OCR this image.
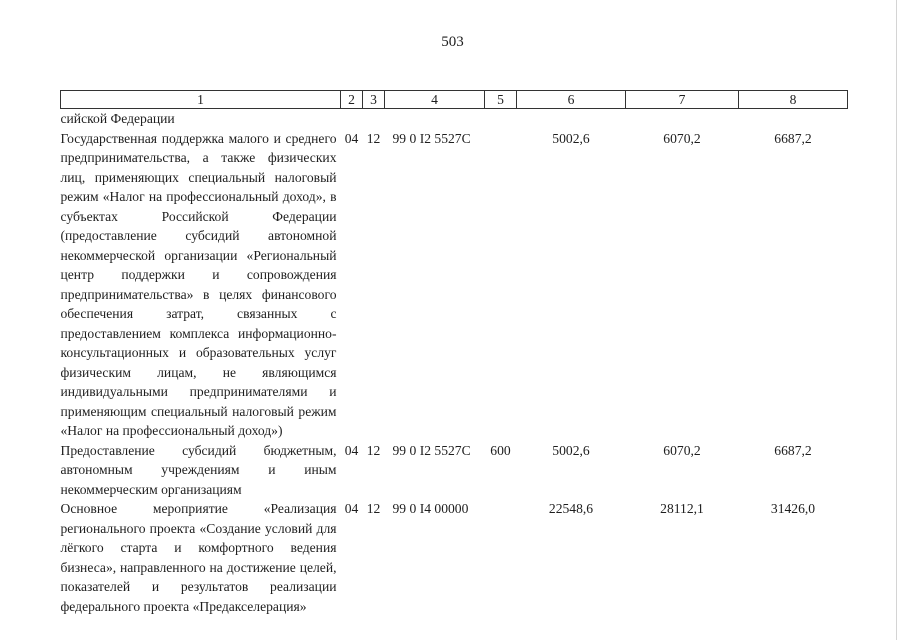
503
1	2	3	4	5	6	7	8
сийской Федерации							
Государственная поддержка малого и среднего предпринимательства, а также физических лиц, применяющих специальный налоговый режим «Налог на профессиональный доход», в субъектах Российской Федерации (предоставление субсидий автономной некоммерческой организации «Региональный центр поддержки и сопровождения предпринимательства» в целях финансового обеспечения затрат, связанных с предоставлением комплекса информационно-консультационных и образовательных услуг физическим лицам, не являющимся индивидуальными предпринимателями и применяющим специальный налоговый режим «Налог на профессиональный доход»)	04	12	99 0 I2 5527C		5002,6	6070,2	6687,2
Предоставление субсидий бюджетным, автономным учреждениям и иным некоммерческим организациям	04	12	99 0 I2 5527C	600	5002,6	6070,2	6687,2
Основное мероприятие «Реализация регионального проекта «Создание условий для лёгкого старта и комфортного ведения бизнеса», направленного на достижение целей, показателей и результатов реализации федерального проекта «Предакселерация»	04	12	99 0 I4 00000		22548,6	28112,1	31426,0
